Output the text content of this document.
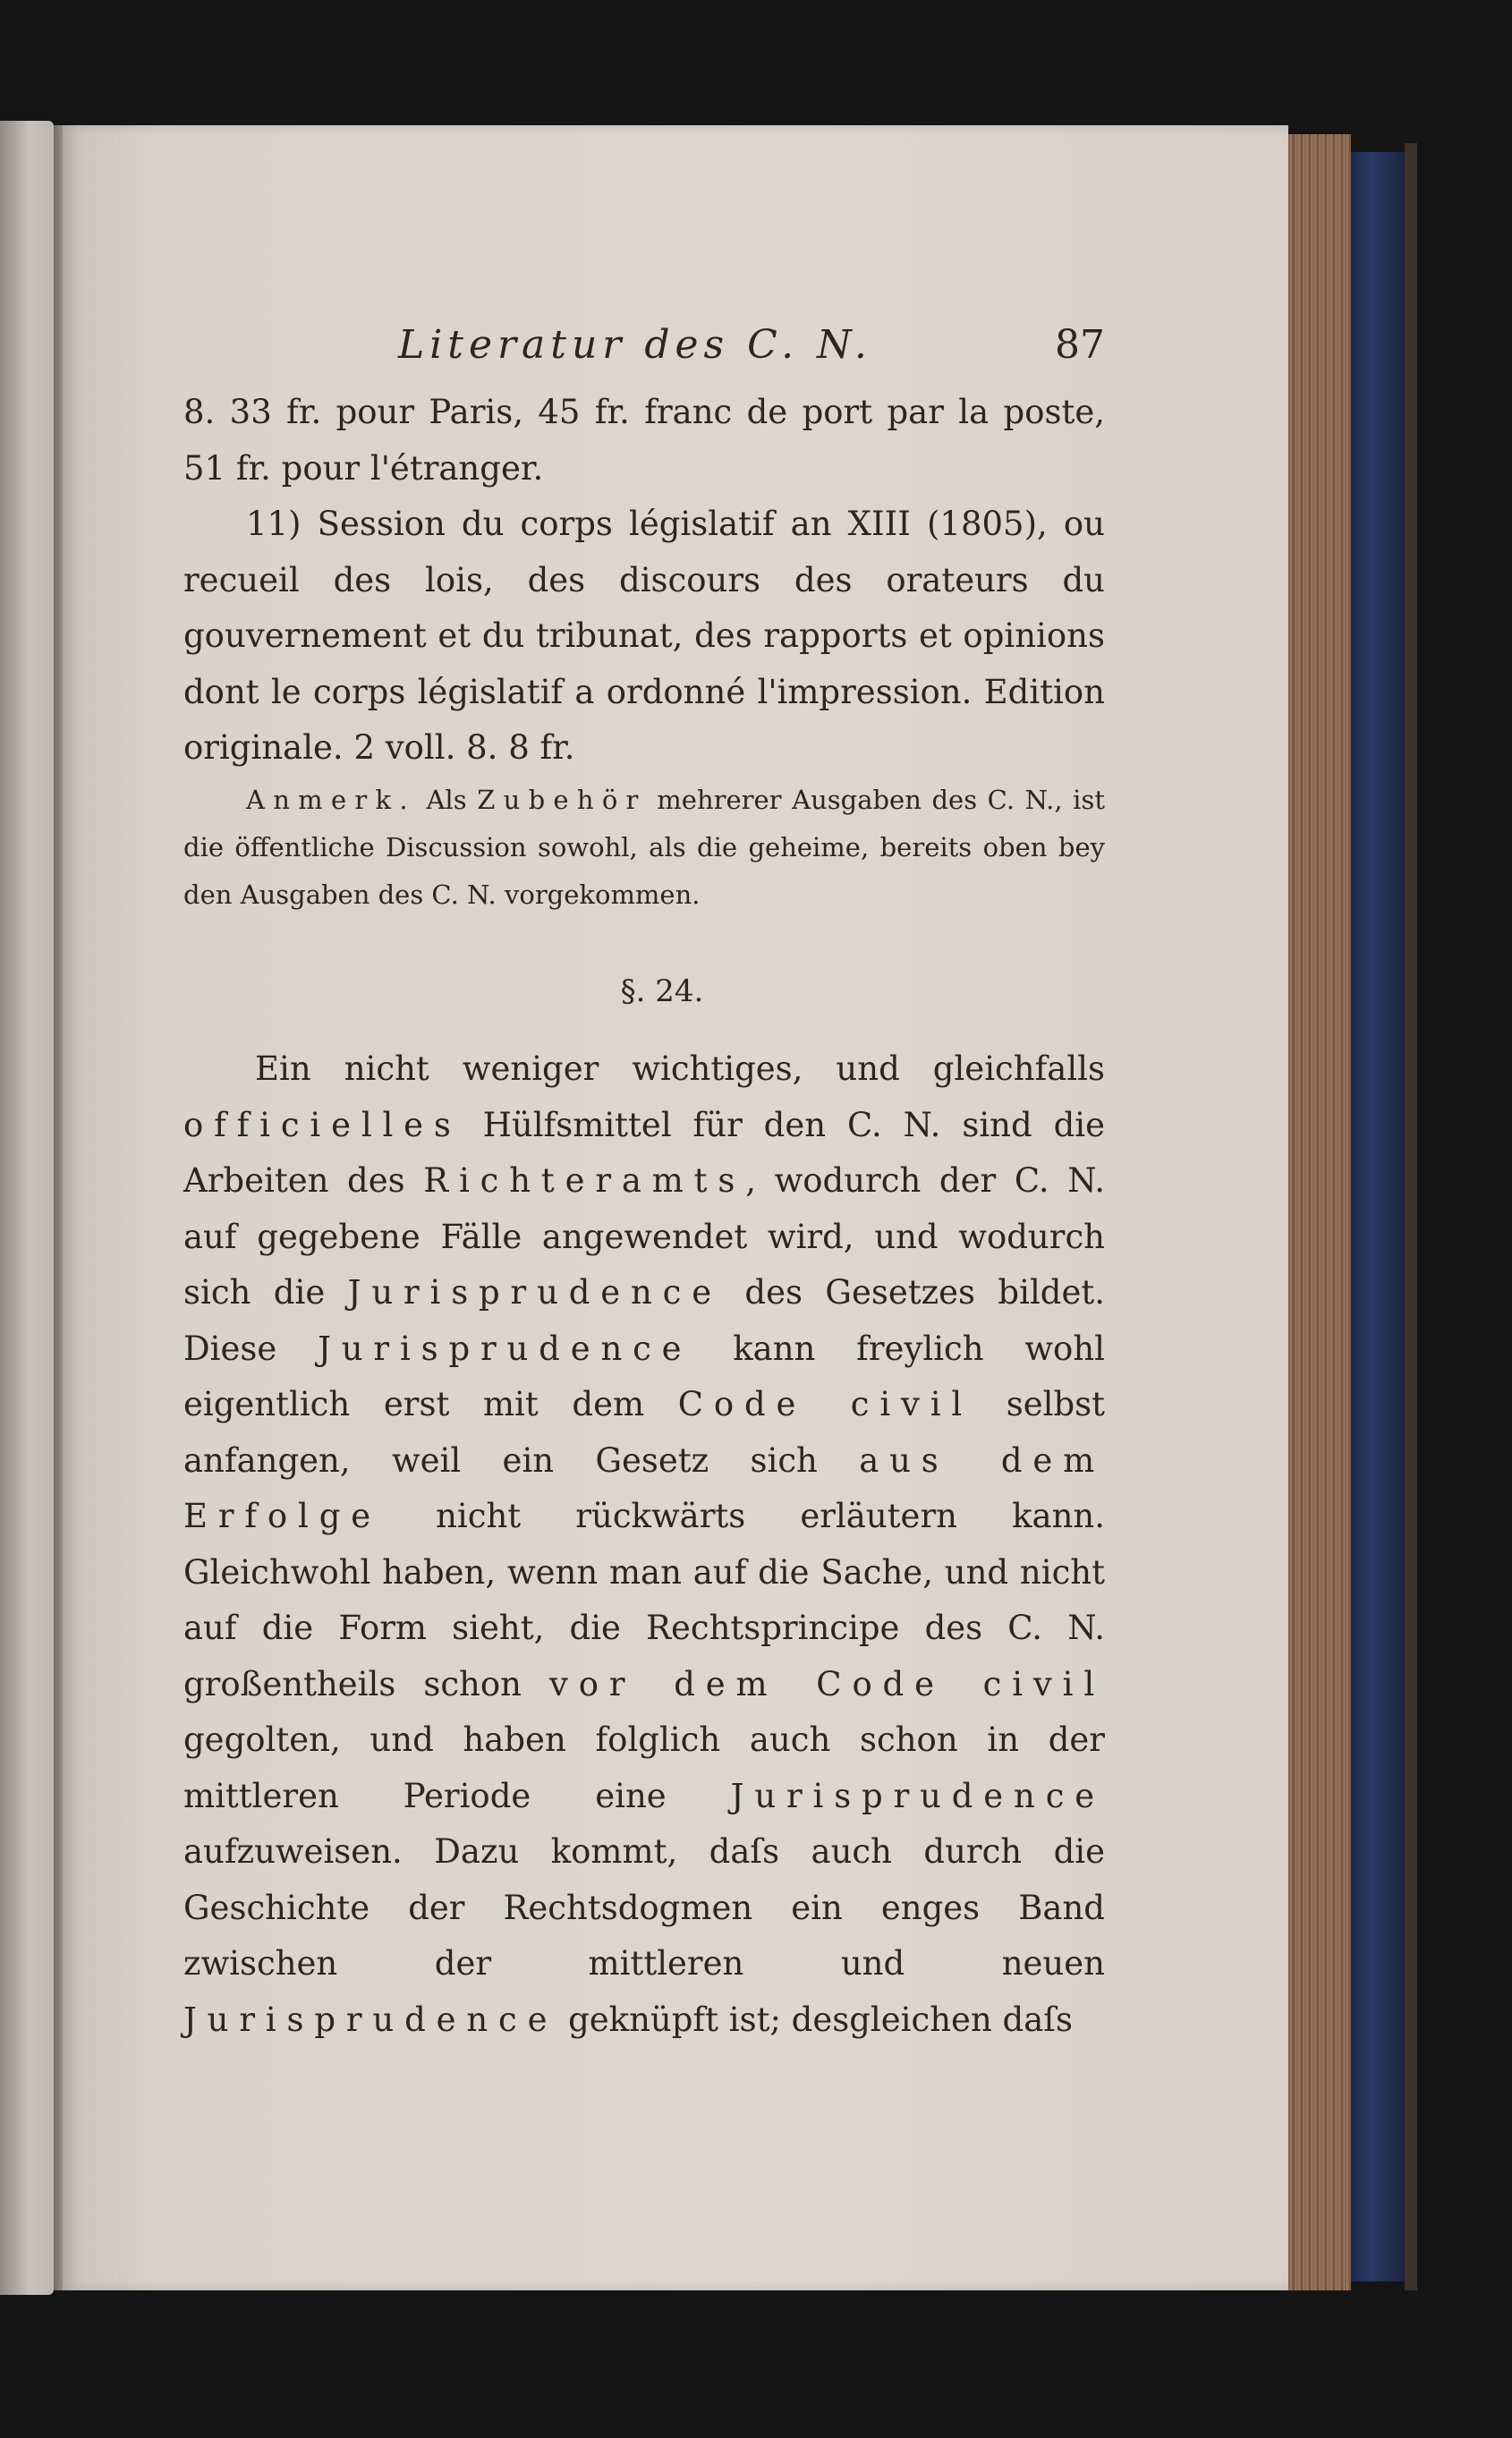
Literatur des C. N.	87

8. 33 fr. pour Paris, 45 fr. franc de port par la poste, 51 fr. pour l'étranger.

11) Session du corps législatif an XIII (1805), ou recueil des lois, des discours des orateurs du gouvernement et du tribunat, des rapports et opinions dont le corps législatif a ordonné l'impression. Edition originale. 2 voll. 8. 8 fr.

Anmerk. Als Zubehör mehrerer Ausgaben des C. N., ist die öffentliche Discussion sowohl, als die geheime, bereits oben bey den Ausgaben des C. N. vorgekommen.

§. 24.

Ein nicht weniger wichtiges, und gleichfalls officielles Hülfsmittel für den C. N. sind die Arbeiten des Richteramts, wodurch der C. N. auf gegebene Fälle angewendet wird, und wodurch sich die Jurisprudence des Gesetzes bildet. Diese Jurisprudence kann freylich wohl eigentlich erst mit dem Code civil selbst anfangen, weil ein Gesetz sich aus dem Erfolge nicht rückwärts erläutern kann. Gleichwohl haben, wenn man auf die Sache, und nicht auf die Form sieht, die Rechtsprincipe des C. N. großentheils schon vor dem Code civil gegolten, und haben folglich auch schon in der mittleren Periode eine Jurisprudence aufzuweisen. Dazu kommt, daſs auch durch die Geschichte der Rechtsdogmen ein enges Band zwischen der mittleren und neuen Jurisprudence geknüpft ist; desgleichen daſs
